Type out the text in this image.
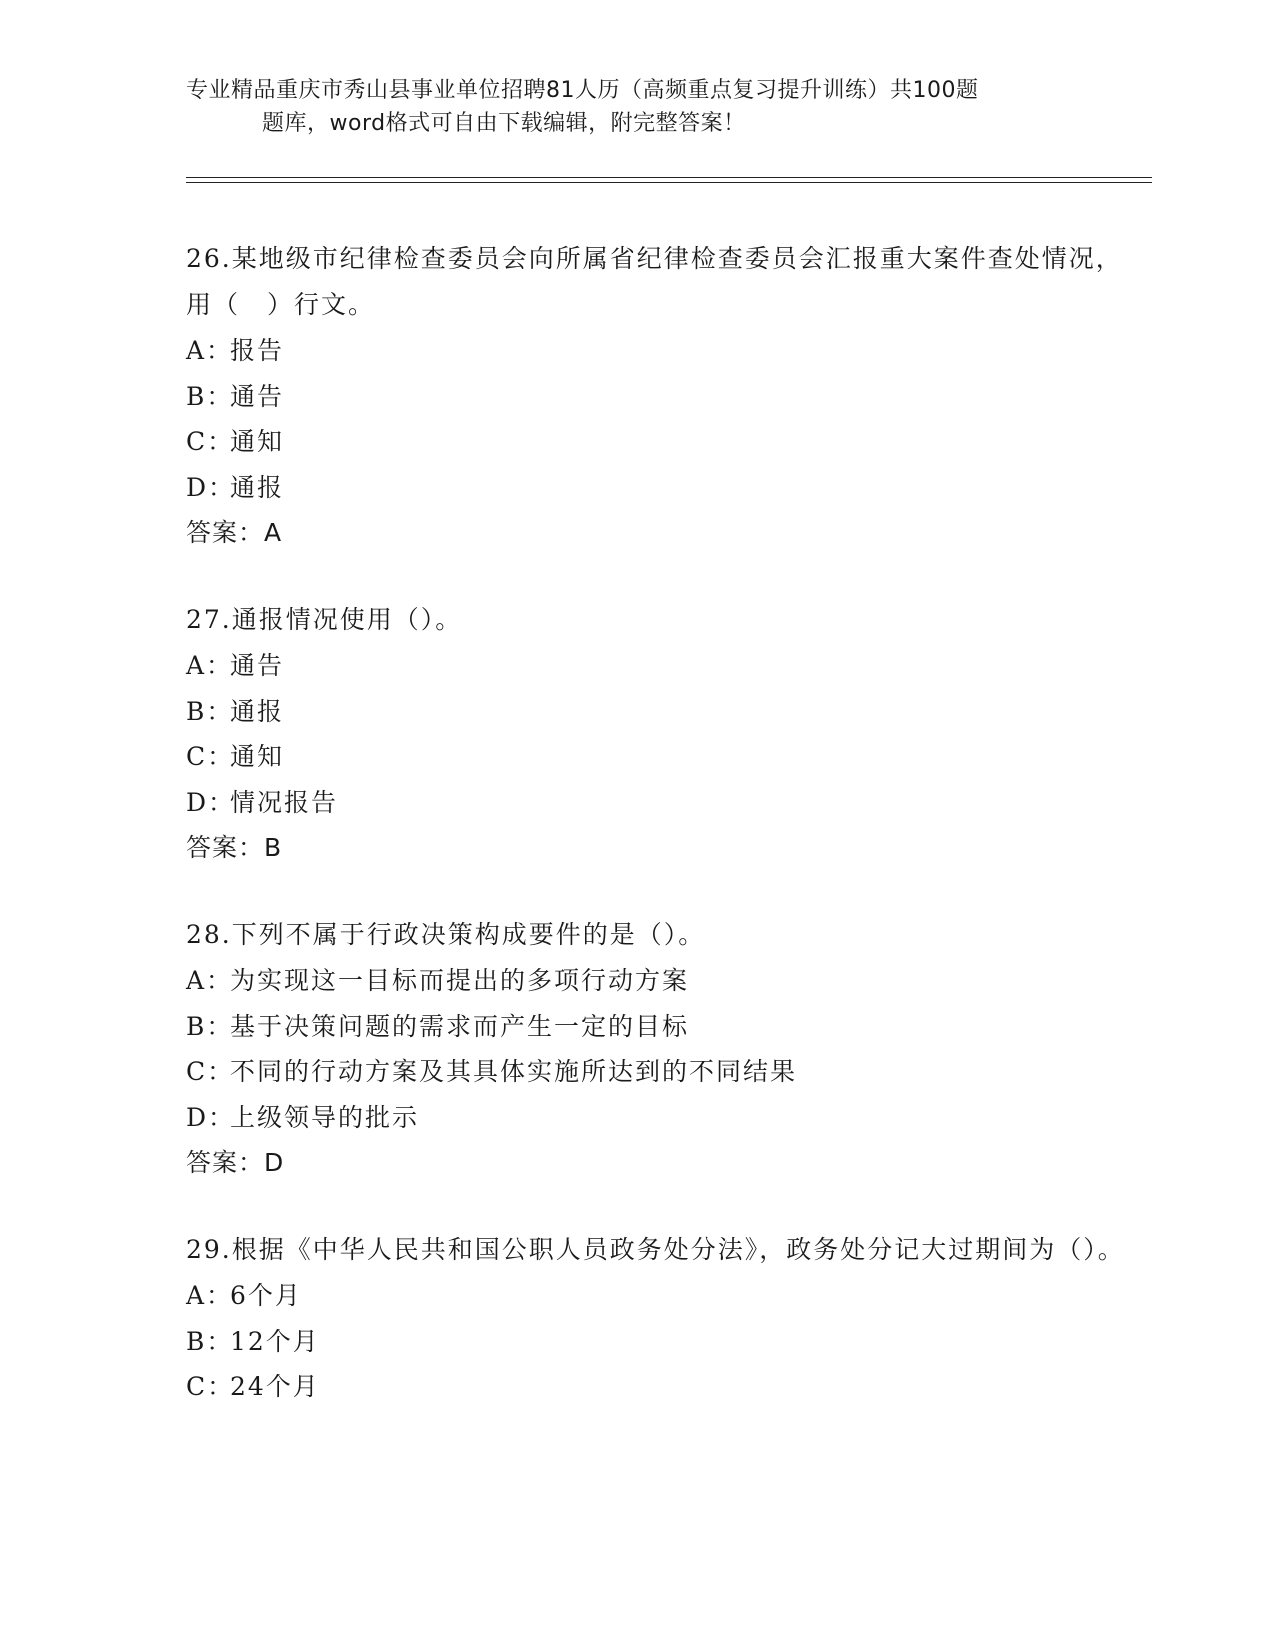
专业精品重庆市秀山县事业单位招聘81人历（高频重点复习提升训练）共100题
题库，word格式可自由下载编辑，附完整答案！

26.某地级市纪律检查委员会向所属省纪律检查委员会汇报重大案件查处情况，用（　）行文。

A：报告

B：通告

C：通知

D：通报

答案：A

27.通报情况使用（）。

A：通告

B：通报

C：通知

D：情况报告

答案：B

28.下列不属于行政决策构成要件的是（）。

A：为实现这一目标而提出的多项行动方案

B：基于决策问题的需求而产生一定的目标

C：不同的行动方案及其具体实施所达到的不同结果

D：上级领导的批示

答案：D

29.根据《中华人民共和国公职人员政务处分法》，政务处分记大过期间为（）。

A：6个月

B：12个月

C：24个月
